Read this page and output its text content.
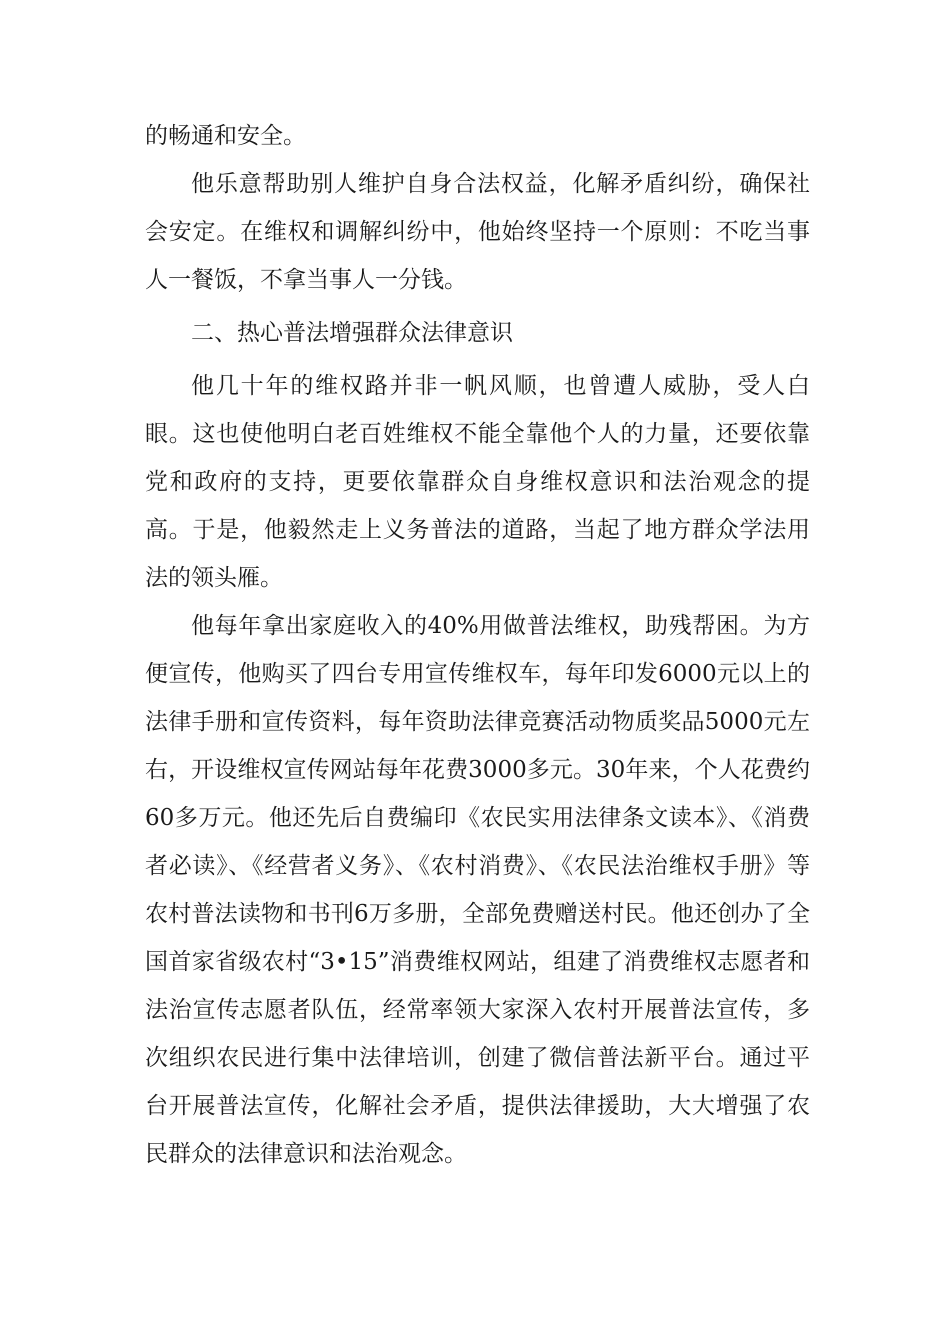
的畅通和安全。

他乐意帮助别人维护自身合法权益，化解矛盾纠纷，确保社会安定。在维权和调解纠纷中，他始终坚持一个原则：不吃当事人一餐饭，不拿当事人一分钱。

二、热心普法增强群众法律意识

他几十年的维权路并非一帆风顺，也曾遭人威胁，受人白眼。这也使他明白老百姓维权不能全靠他个人的力量，还要依靠党和政府的支持，更要依靠群众自身维权意识和法治观念的提高。于是，他毅然走上义务普法的道路，当起了地方群众学法用法的领头雁。

他每年拿出家庭收入的40%用做普法维权，助残帮困。为方便宣传，他购买了四台专用宣传维权车，每年印发6000元以上的法律手册和宣传资料，每年资助法律竞赛活动物质奖品5000元左右，开设维权宣传网站每年花费3000多元。30年来，个人花费约60多万元。他还先后自费编印《农民实用法律条文读本》、《消费者必读》、《经营者义务》、《农村消费》、《农民法治维权手册》等农村普法读物和书刊6万多册，全部免费赠送村民。他还创办了全国首家省级农村“3•15”消费维权网站，组建了消费维权志愿者和法治宣传志愿者队伍，经常率领大家深入农村开展普法宣传，多次组织农民进行集中法律培训，创建了微信普法新平台。通过平台开展普法宣传，化解社会矛盾，提供法律援助，大大增强了农民群众的法律意识和法治观念。
